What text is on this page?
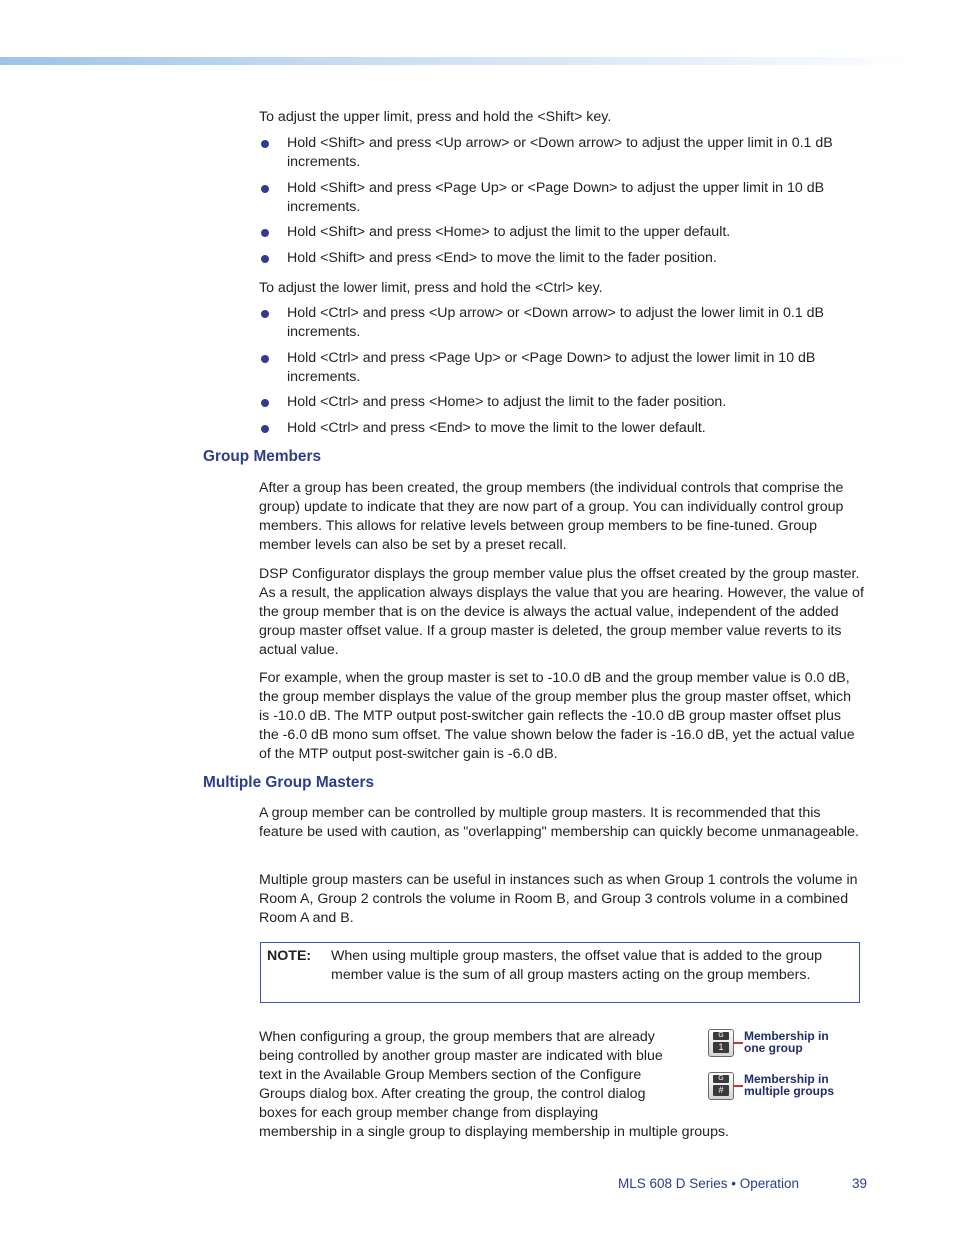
To adjust the upper limit, press and hold the <Shift> key.
Hold <Shift> and press <Up arrow> or <Down arrow> to adjust the upper limit in 0.1 dB increments.
Hold <Shift> and press <Page Up> or <Page Down> to adjust the upper limit in 10 dB increments.
Hold <Shift> and press <Home> to adjust the limit to the upper default.
Hold <Shift> and press <End> to move the limit to the fader position.
To adjust the lower limit, press and hold the <Ctrl> key.
Hold <Ctrl> and press <Up arrow> or <Down arrow> to adjust the lower limit in 0.1 dB increments.
Hold <Ctrl> and press <Page Up> or <Page Down> to adjust the lower limit in 10 dB increments.
Hold <Ctrl> and press <Home> to adjust the limit to the fader position.
Hold <Ctrl> and press <End> to move the limit to the lower default.
Group Members

After a group has been created, the group members (the individual controls that comprise the group) update to indicate that they are now part of a group. You can individually control group members. This allows for relative levels between group members to be fine-tuned. Group member levels can also be set by a preset recall.

DSP Configurator displays the group member value plus the offset created by the group master. As a result, the application always displays the value that you are hearing. However, the value of the group member that is on the device is always the actual value, independent of the added group master offset value. If a group master is deleted, the group member value reverts to its actual value.

For example, when the group master is set to -10.0 dB and the group member value is 0.0 dB, the group member displays the value of the group member plus the group master offset, which is -10.0 dB. The MTP output post-switcher gain reflects the -10.0 dB group master offset plus the -6.0 dB mono sum offset. The value shown below the fader is -16.0 dB, yet the actual value of the MTP output post-switcher gain is -6.0 dB.

Multiple Group Masters

A group member can be controlled by multiple group masters. It is recommended that this feature be used with caution, as "overlapping" membership can quickly become unmanageable.

Multiple group masters can be useful in instances such as when Group 1 controls the volume in Room A, Group 2 controls the volume in Room B, and Group 3 controls volume in a combined Room A and B.

NOTE: When using multiple group masters, the offset value that is added to the group member value is the sum of all group masters acting on the group members.
When configuring a group, the group members that are already being controlled by another group master are indicated with blue text in the Available Group Members section of the Configure Groups dialog box. After creating the group, the control dialog boxes for each group member change from displaying membership in a single group to displaying membership in multiple groups.
G
1
Membership in
one group
G
#
Membership in
multiple groups
MLS 608 D Series • Operation	39
